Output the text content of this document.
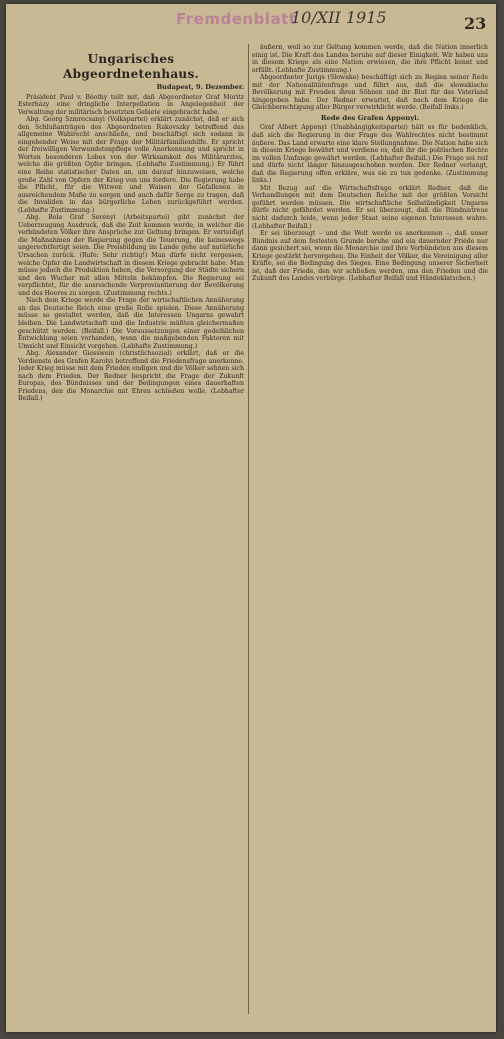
Fremdenblatt
10/XII 1915	23
Ungarisches Abgeordnetenhaus.
Budapest, 9. Dezember.

Präsident Paul v. Béothy teilt mit, daß Abgeordneter Graf Moritz Esterházy eine dringliche Interpellation in Angelegenheit der Verwaltung der militärisch besetzten Gebiete eingebracht habe.

Abg. Georg Szmrecsanyi (Volkspartei) erklärt zunächst, daß er sich den Schlußanträgen des Abgeordneten Rakovszky betreffend das allgemeine Wahlrecht anschließe, und beschäftigt sich sodann in eingehender Weise mit der Frage der Militärfamilienhilfe. Er spricht der freiwilligen Verwundetenpflege volle Anerkennung und spricht in Worten besonderen Lobes von der Wirksamkeit des Militärarztes, welche die größten Opfer bringen. (Lebhafte Zustimmung.) Er führt eine Reihe statistischer Daten an, um darauf hinzuweisen, welche große Zahl von Opfern der Krieg von uns fordere. Die Regierung habe die Pflicht, für die Witwen und Waisen der Gefallenen in ausreichendem Maße zu sorgen und auch dafür Sorge zu tragen, daß die Invaliden in das bürgerliche Leben zurückgeführt werden. (Lebhafte Zustimmung.)

Abg. Bela Graf Serényi (Arbeitspartei) gibt zunächst der Ueberzeugung Ausdruck, daß die Zeit kommen werde, in welcher die verbündeten Völker ihre Ansprüche zur Geltung bringen. Er verteidigt die Maßnahmen der Regierung gegen die Teuerung, die keineswegs ungerechtfertigt seien. Die Preisbildung im Lande gehe auf natürliche Ursachen zurück. (Rufe: Sehr richtig!) Man dürfe nicht vergessen, welche Opfer die Landwirtschaft in diesem Kriege gebracht habe. Man müsse jedoch die Produktion heben, die Versorgung der Städte sichern und den Wucher mit allen Mitteln bekämpfen. Die Regierung sei verpflichtet, für die ausreichende Verproviantierung der Bevölkerung und des Heeres zu sorgen. (Zustimmung rechts.)

Nach dem Kriege werde die Frage der wirtschaftlichen Annäherung an das Deutsche Reich eine große Rolle spielen. Diese Annäherung müsse so gestaltet werden, daß die Interessen Ungarns gewahrt bleiben. Die Landwirtschaft und die Industrie müßten gleichermaßen geschützt werden. (Beifall.) Die Voraussetzungen einer gedeihlichen Entwicklung seien vorhanden, wenn die maßgebenden Faktoren mit Umsicht und Einsicht vorgehen. (Lebhafte Zustimmung.)

Abg. Alexander Giesswein (christlichsozial) erklärt, daß er die Verdienste des Grafen Karolyi betreffend die Friedensfrage anerkenne. Jeder Krieg müsse mit dem Frieden endigen und die Völker sehnen sich nach dem Frieden. Der Redner bespricht die Frage der Zukunft Europas, des Bündnisses und der Bedingungen eines dauerhaften Friedens, den die Monarchie mit Ehren schließen wolle. (Lebhafter Beifall.)

äußern, weil so zur Geltung kommen werde, daß die Nation innerlich einig ist. Die Kraft des Landes beruhe auf dieser Einigkeit. Wir haben uns in diesem Kriege als eine Nation erwiesen, die ihre Pflicht kennt und erfüllt. (Lebhafte Zustimmung.)

Abgeordneter Jurigs (Slowake) beschäftigt sich zu Beginn seiner Rede mit der Nationalitätenfrage und führt aus, daß die slowakische Bevölkerung mit Freuden ihren Söhnen und ihr Blut für das Vaterland hingegeben habe. Der Redner erwartet, daß nach dem Kriege die Gleichberechtigung aller Bürger verwirklicht werde. (Beifall links.)

Rede des Grafen Apponyi.

Graf Albert Apponyi (Unabhängigkeitspartei) hält es für bedenklich, daß sich die Regierung in der Frage des Wahlrechtes nicht bestimmt äußere. Das Land erwarte eine klare Stellungnahme. Die Nation habe sich in diesem Kriege bewährt und verdiene es, daß ihr die politischen Rechte im vollen Umfange gewährt werden. (Lebhafter Beifall.) Die Frage sei reif und dürfe nicht länger hinausgeschoben werden. Der Redner verlangt, daß die Regierung offen erkläre, was sie zu tun gedenke. (Zustimmung links.)

Mit Bezug auf die Wirtschaftsfrage erklärt Redner, daß die Verhandlungen mit dem Deutschen Reiche mit der größten Vorsicht geführt werden müssen. Die wirtschaftliche Selbständigkeit Ungarns dürfe nicht gefährdet werden. Er sei überzeugt, daß die Bündnistreue nicht dadurch leide, wenn jeder Staat seine eigenen Interessen wahre. (Lebhafter Beifall.)

Er sei überzeugt – und die Welt werde es anerkennen –, daß unser Bündnis auf dem festesten Grunde beruhe und ein dauernder Friede nur dann gesichert sei, wenn die Monarchie und ihre Verbündeten aus diesem Kriege gestärkt hervorgehen. Die Einheit der Völker, die Vereinigung aller Kräfte, sei die Bedingung des Sieges. Eine Bedingung unserer Sicherheit ist, daß der Friede, den wir schließen werden, uns den Frieden und die Zukunft des Landes verbürge. (Lebhafter Beifall und Händeklatschen.)
